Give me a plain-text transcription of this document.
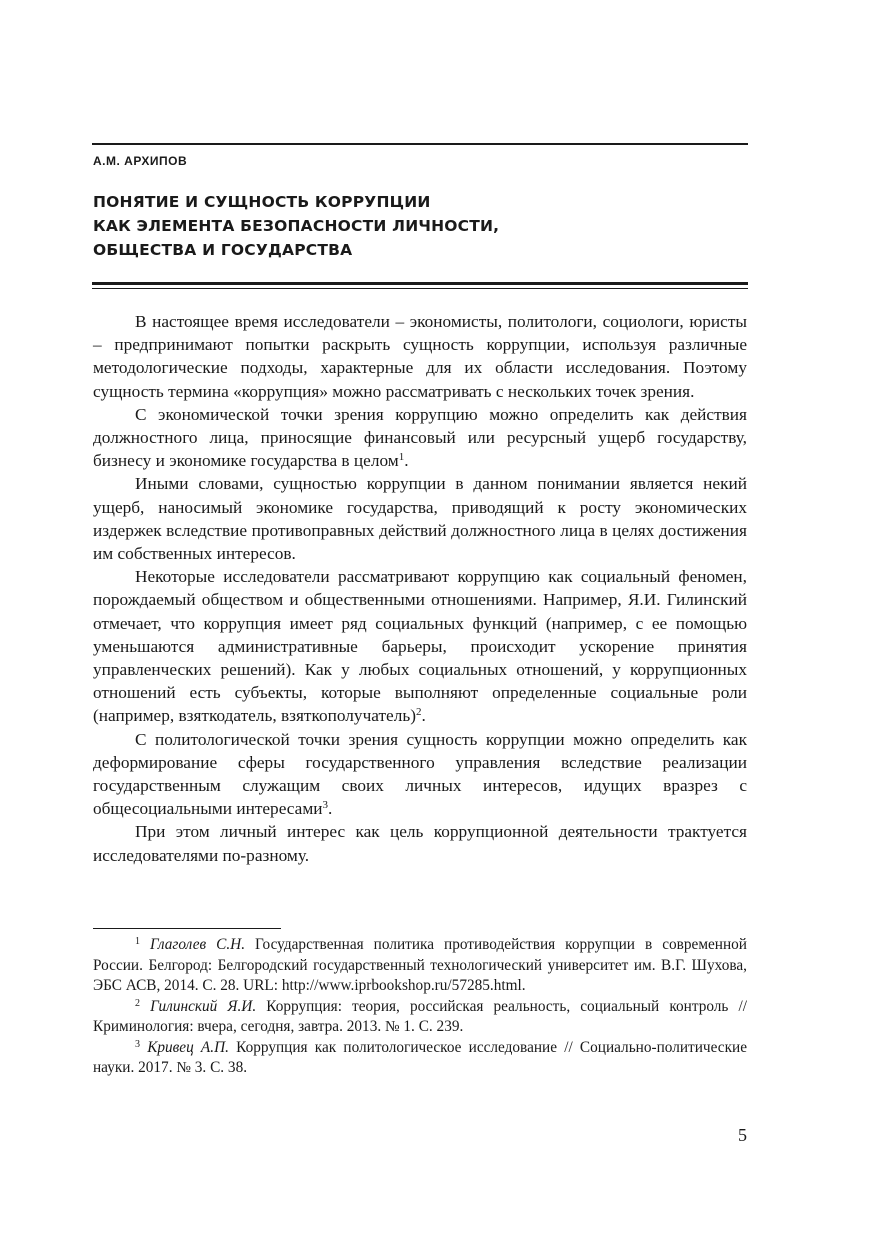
А.М. АРХИПОВ
ПОНЯТИЕ И СУЩНОСТЬ КОРРУПЦИИ
КАК ЭЛЕМЕНТА БЕЗОПАСНОСТИ ЛИЧНОСТИ,
ОБЩЕСТВА И ГОСУДАРСТВА

В настоящее время исследователи – экономисты, политологи, социологи, юристы – предпринимают попытки раскрыть сущность коррупции, используя различные методологические подходы, характерные для их области исследования. Поэтому сущность термина «коррупция» можно рассматривать с нескольких точек зрения.

С экономической точки зрения коррупцию можно определить как действия должностного лица, приносящие финансовый или ресурсный ущерб государству, бизнесу и экономике государства в целом$^1$.

Иными словами, сущностью коррупции в данном понимании является некий ущерб, наносимый экономике государства, приводящий к росту экономических издержек вследствие противоправных действий должностного лица в целях достижения им собственных интересов.

Некоторые исследователи рассматривают коррупцию как социальный феномен, порождаемый обществом и общественными отношениями. Например, Я.И. Гилинский отмечает, что коррупция имеет ряд социальных функций (например, с ее помощью уменьшаются административные барьеры, происходит ускорение принятия управленческих решений). Как у любых социальных отношений, у коррупционных отношений есть субъекты, которые выполняют определенные социальные роли (например, взяткодатель, взяткополучатель)$^2$.

С политологической точки зрения сущность коррупции можно определить как деформирование сферы государственного управления вследствие реализации государственным служащим своих личных интересов, идущих вразрез с общесоциальными интересами$^3$.

При этом личный интерес как цель коррупционной деятельности трактуется исследователями по-разному.

$^1$ Глаголев С.Н. Государственная политика противодействия коррупции в современной России. Белгород: Белгородский государственный технологический университет им. В.Г. Шухова, ЭБС АСВ, 2014. С. 28. URL: http://www.iprbookshop.ru/57285.html.

$^2$ Гилинский Я.И. Коррупция: теория, российская реальность, социальный контроль // Криминология: вчера, сегодня, завтра. 2013. № 1. С. 239.

$^3$ Кривец А.П. Коррупция как политологическое исследование // Социально-политические науки. 2017. № 3. С. 38.

5
